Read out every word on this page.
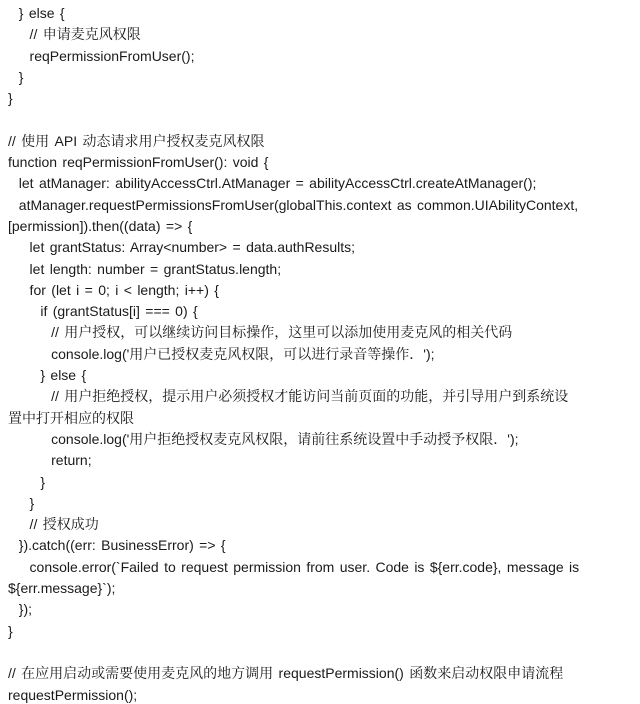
} else {
// 申请麦克风权限
reqPermissionFromUser();
}
}
// 使用 API 动态请求用户授权麦克风权限
function reqPermissionFromUser(): void {
let atManager: abilityAccessCtrl.AtManager = abilityAccessCtrl.createAtManager();
atManager.requestPermissionsFromUser(globalThis.context as common.UIAbilityContext,
[permission]).then((data) => {
let grantStatus: Array<number> = data.authResults;
let length: number = grantStatus.length;
for (let i = 0; i < length; i++) {
if (grantStatus[i] === 0) {
// 用户授权，可以继续访问目标操作，这里可以添加使用麦克风的相关代码
console.log('用户已授权麦克风权限，可以进行录音等操作．');
} else {
// 用户拒绝授权，提示用户必须授权才能访问当前页面的功能，并引导用户到系统设
置中打开相应的权限
console.log('用户拒绝授权麦克风权限，请前往系统设置中手动授予权限．');
return;
}
}
// 授权成功
}).catch((err: BusinessError) => {
console.error(`Failed to request permission from user. Code is ${err.code}, message is
${err.message}`);
});
}
// 在应用启动或需要使用麦克风的地方调用 requestPermission() 函数来启动权限申请流程
requestPermission();
